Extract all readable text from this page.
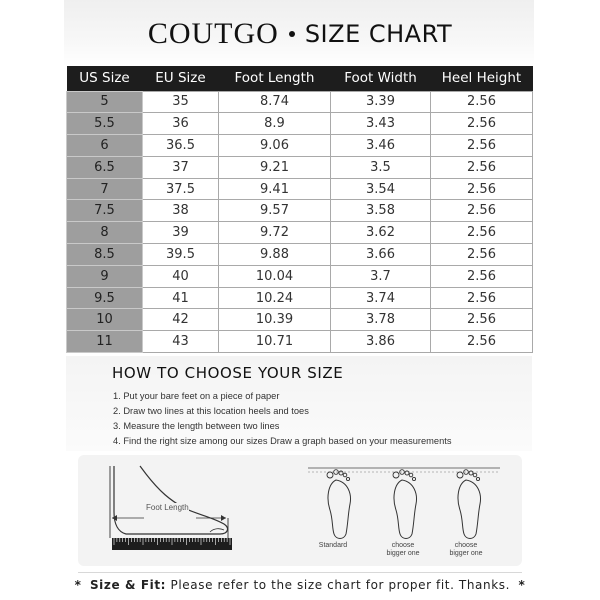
COUTGO SIZE CHART
US Size	EU Size	Foot Length	Foot Width	Heel Height
5	35	8.74	3.39	2.56
5.5	36	8.9	3.43	2.56
6	36.5	9.06	3.46	2.56
6.5	37	9.21	3.5	2.56
7	37.5	9.41	3.54	2.56
7.5	38	9.57	3.58	2.56
8	39	9.72	3.62	2.56
8.5	39.5	9.88	3.66	2.56
9	40	10.04	3.7	2.56
9.5	41	10.24	3.74	2.56
10	42	10.39	3.78	2.56
11	43	10.71	3.86	2.56
HOW TO CHOOSE YOUR SIZE
1. Put your bare feet on a piece of paper
2. Draw two lines at this location heels and toes
3. Measure the length between two lines
4. Find the right size among our sizes Draw a graph based on your measurements
Foot Length
Standard	choose
bigger one
choose
bigger one
* Size & Fit: Please refer to the size chart for proper fit. Thanks. *
